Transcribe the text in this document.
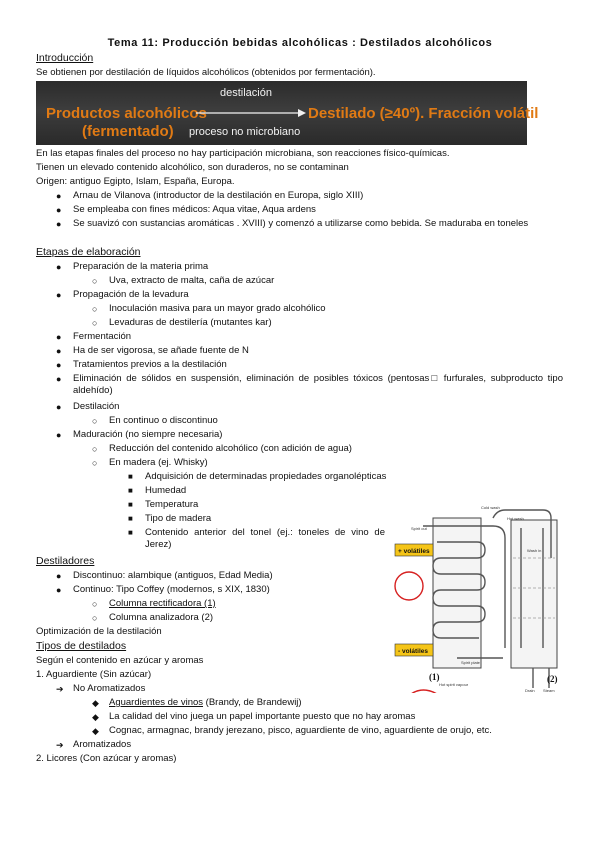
Tema 11: Producción bebidas alcohólicas : Destilados alcohólicos
Introducción
Se obtienen por destilación de líquidos alcohólicos (obtenidos por fermentación).
Productos alcohólicos
(fermentado)
destilación
proceso no microbiano
Destilado (≥40º). Fracción volátil
En las etapas finales del proceso no hay participación microbiana, son reacciones físico-químicas.
Tienen un elevado contenido alcohólico, son duraderos, no se contaminan
Origen: antiguo Egipto, Islam, España, Europa.
● Arnau de Vilanova (introductor de la destilación en Europa, siglo XIII)
● Se empleaba con fines médicos: Aqua vitae, Aqua ardens
● Se suavizó con sustancias aromáticas . XVIII) y comenzó a utilizarse como bebida. Se maduraba en toneles
Etapas de elaboración
● Preparación de la materia prima
○ Uva, extracto de malta, caña de azúcar
● Propagación de la levadura
○ Inoculación masiva para un mayor grado alcohólico
○ Levaduras de destilería (mutantes kar)
● Fermentación
● Ha de ser vigorosa, se añade fuente de N
● Tratamientos previos a la destilación
● Eliminación de sólidos en suspensión, eliminación de posibles tóxicos (pentosas□ furfurales, subproducto tipo aldehído)
● Destilación
○ En continuo o discontinuo
● Maduración (no siempre necesaria)
○ Reducción del contenido alcohólico (con adición de agua)
○ En madera (ej. Whisky)
■ Adquisición de determinadas propiedades organolépticas
■ Humedad
■ Temperatura
■ Tipo de madera
■ Contenido anterior del tonel (ej.: toneles de vino de Jerez)
Destiladores
● Discontinuo: alambique (antiguos, Edad Media)
● Continuo: Tipo Coffey (modernos, s XIX, 1830)
○ Columna rectificadora (1)
○ Columna analizadora (2)
Optimización de la destilación
Tipos de destilados
Según el contenido en azúcar y aromas
1. Aguardiente (Sin azúcar)
➔ No Aromatizados
◆ Aguardientes de vinos (Brandy, de Brandewij)
◆ La calidad del vino juega un papel importante puesto que no hay aromas
◆ Cognac, armagnac, brandy jerezano, pisco, aguardiente de vino, aguardiente de orujo, etc.
➔ Aromatizados
2. Licores (Con azúcar y aromas)
Cold wash
Hot wash
Spirit out
Wash in
Spirit plate
Hot spirit vapour
Drain Steam
+ volátiles
- volátiles
(1)	(2)
